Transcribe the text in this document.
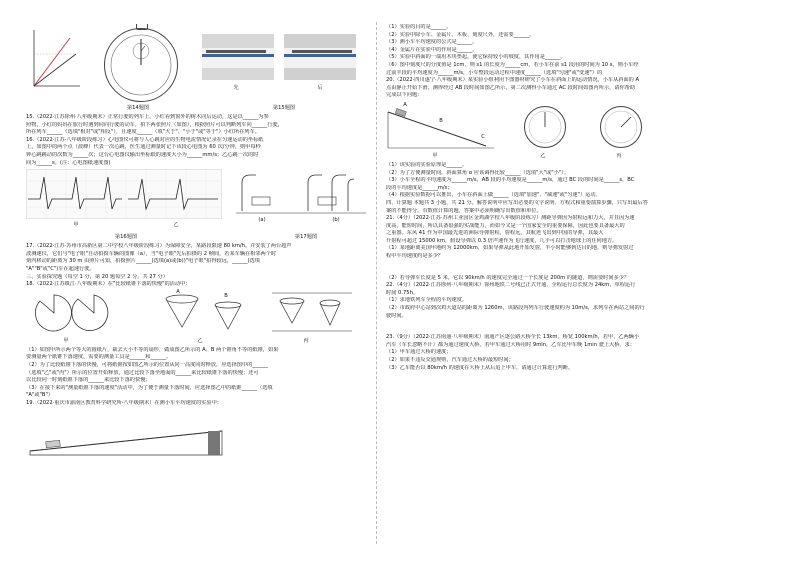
第14题图
先	后
第15题图
15.（2022·江苏徐州·八年级期末）正常行驶的列车上，小红看到窗外的树木向后运动，这是以______为参
照物，小红的妈妈在旅行时遇到同向行驶的动车，拍下两张照片（如图），根据照片可以判断列车向______行驶，
所在列车______（选填"相对"或"相反"），且速度______（填"大于"、"小于"或"等于"）小红所在列车。
16.（2022·江苏·八年级阶段练习）心电图仪可将与人心跳对应的生物电流情况记录在匀速运动的坐标纸
上，如图中的两个点（波峰）代表一次心跳，医生通过测量时记下该段心电图为 60 次/分钟，则甲每秒
钟心跳跳动的次数为______次；这台心电图仪输出坐标纸的速度大小为______mm/s；乙心跳一次的时
间为______s。(注：心电图纸速度图)
甲	乙
(a)	(b)
第16题图	第17题图
17.（2022·江苏·苏州市高新区第二中学校八年级阶段练习）为保障安全，某路段限速 80 km/h。并安装了两台超声
波测速仪，它们与"电子眼"自动拍摄车辆的图像（a），当"电子眼"先后拍摄的 2 帧间，若某车辆在相邻两个时
刻内移动的距离为 30 m 由照片可知，拍摄照片______(选填(a)或(b))"电子眼"拍得较远，______(选填
"A""B"或"C")车在超速行驶。
三、实验探究题（每空 1 分，第 20 题每空 2 分，共 27 分）
18.（2022·江苏镇江·八年级期末）在"比较纸锥下落的快慢"的活动中：
A
B
甲	乙	丙
（1）如图甲所示两个等大的圆纸片，裁去大小不等的扇形，做成图乙所示的 A、B 两个锥角不等的纸锥，如果
要测量两个纸锥下落速度，需要的测量工具是______和______。
（2）为了比较纸锥下落的快慢，可将纸锥按如图乙所示的位置从同一高度同时释放，应选择图中的______
（选填"乙"或"丙"）所示的位置开始释放，通过比较下落至地面的______来比较纸锥下落的快慢；还可
以比较同一时刻纸锥下落的______来比较下落的快慢；
（3）在接下来的"测量纸锥下落的速度"活动中，为了便于测量下落时间，应选择图乙中的纸锥______（选填
"A"或"B"）
19.（2022·重庆市渝南区教育科学研究所·八年级期末）在测小车平均速度的实验中：
（1）实验的目的是______。
（2）实验中除小车、金属片、木板、刻度尺外，还需要______。
（3）测小车平均速度的公式是______。
（4）金属片在实验中的作用是______。
（5）实验中斜面的一端用木块垫起，使它保持较小的坡度，其作用是______。
（6）图中刻度尺的分度值是 1cm，则 s1 的长度为______cm，若小车在前 s1 段用的时间为 10 s，则小车经
过前半段的平均速度为______m/s，小车整段运动过程中速度______（选填"匀速"或"变速"）的
20.（2022·四川遂宁·八年级期末）某实验小组利用下图器材研究了小车在斜面上的运动情况，小车从斜面的 A
点由静止开始下滑，测得经过 AB 段时间如图乙所示，第二次测得小车通过 AC 段时间如图丙所示，请你帮助
完成以下问题：
A
B
C
甲	乙	丙
（1）该实验的实验原理是______。
（2）为了方便测量时间，斜面算角 α 应该调得比较______（选填"大"或"小"）；
（3）小车全程的平均速度为______m/s，AB 段的平均速度是______m/s，通过 BC 段的时间是______s，BC
段的平均速度是______m/s；
（4）根据实验数据可以推出，小车在斜面上做______（选填"加速"、"减速"或"匀速"）运动。
四、计算题 本题共 3 小题，共 21 分。解答说明中应写出必要的文字说明、方程式和重要演算步骤，只写出最后答
案的不能得分，有数值计算的题，答案中必须明确写出数值和单位。
21.（4分）（2022·江苏·苏州工业园区金鸡湖学校八年级阶段练习）测距导弹因为射程远和力大，并且因为速
度高，能短时间，所以具备很强的实战能力，而如今又是一个国家安全的重要保障，因此也要具备最大的
之重器。东风 41 作为中国最先进的洲际导弹射程，射程远，其航迹飞出到中国的导弹，其最大
升射程可超过 15000 km，假设导弹以 0.3 倍声速作为飞行速度，几乎可以打击地球上的任何地方。
（1）某地距离美国甲地约为 12000km，如果导弹从此地开始发射，半小时能够到达目的地，则导弹发射过
程中平均速度约是多少？
（2）若导弹车长度是 5 米，它以 90km/h 的速度完全通过一个长度是 200m 的隧道，则需要时间多少？
22.（4分）（2022·江苏徐州·八年级期末）徐州地铁二号线已正式开通，全程运行总长度为 24km，单程运行
时间 0.75h。
（1）求地铁列车全程的平均速度。
（2）市政府中心站到次鸡大道站的距离为 1260m，该路段内列车行驶速度约为 10m/s，求列车在两站之间的行
驶时间。
23.（9分）（2022·江苏南通·八年级期末）南通产区逐公路大桥全长 13km，桥宽 100km/h，若甲、乙两辆小
汽车（车长忽略不计）都为通过速度大桥，若甲车通过大桥用时 9min，乙车比甲车晚 1min 驶上大桥，求：
（1）甲车通过大桥的速度；
（2）如果不违反交通规则，汽车通过大桥的最短时间；
（3）乙车能否以 80km/h 的速度在大桥上从后追上甲车，请通过计算进行判断。
